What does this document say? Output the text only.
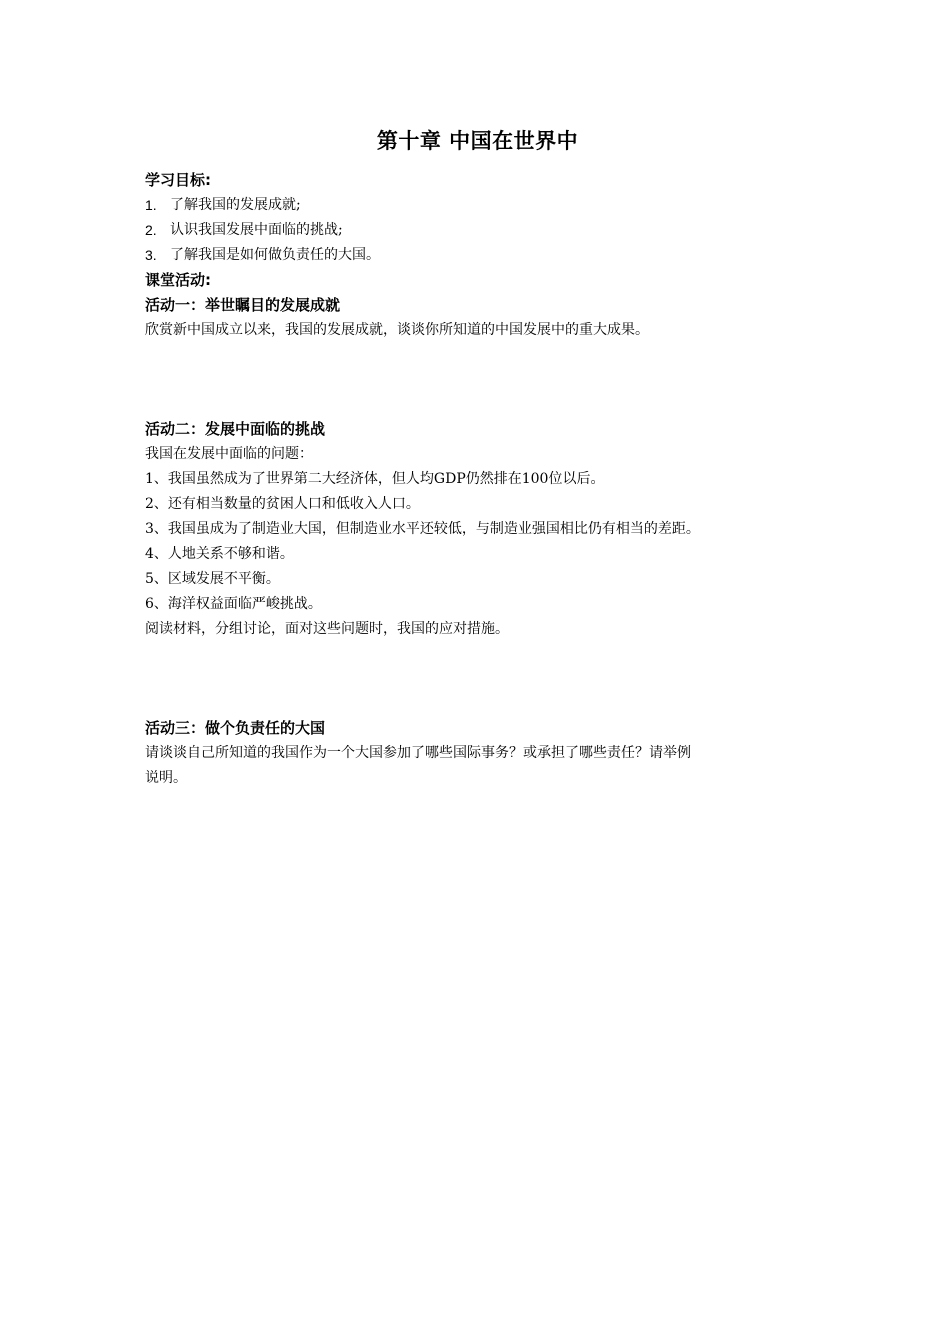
第十章 中国在世界中

学习目标:

1. 了解我国的发展成就;
2. 认识我国发展中面临的挑战;
3. 了解我国是如何做负责任的大国。

课堂活动:

活动一：举世瞩目的发展成就

欣赏新中国成立以来，我国的发展成就，谈谈你所知道的中国发展中的重大成果。

活动二：发展中面临的挑战

我国在发展中面临的问题：

1、我国虽然成为了世界第二大经济体，但人均GDP仍然排在100位以后。

2、还有相当数量的贫困人口和低收入人口。

3、我国虽成为了制造业大国，但制造业水平还较低，与制造业强国相比仍有相当的差距。

4、人地关系不够和谐。

5、区域发展不平衡。

6、海洋权益面临严峻挑战。

阅读材料，分组讨论，面对这些问题时，我国的应对措施。

活动三：做个负责任的大国

请谈谈自己所知道的我国作为一个大国参加了哪些国际事务？或承担了哪些责任？请举例

说明。
